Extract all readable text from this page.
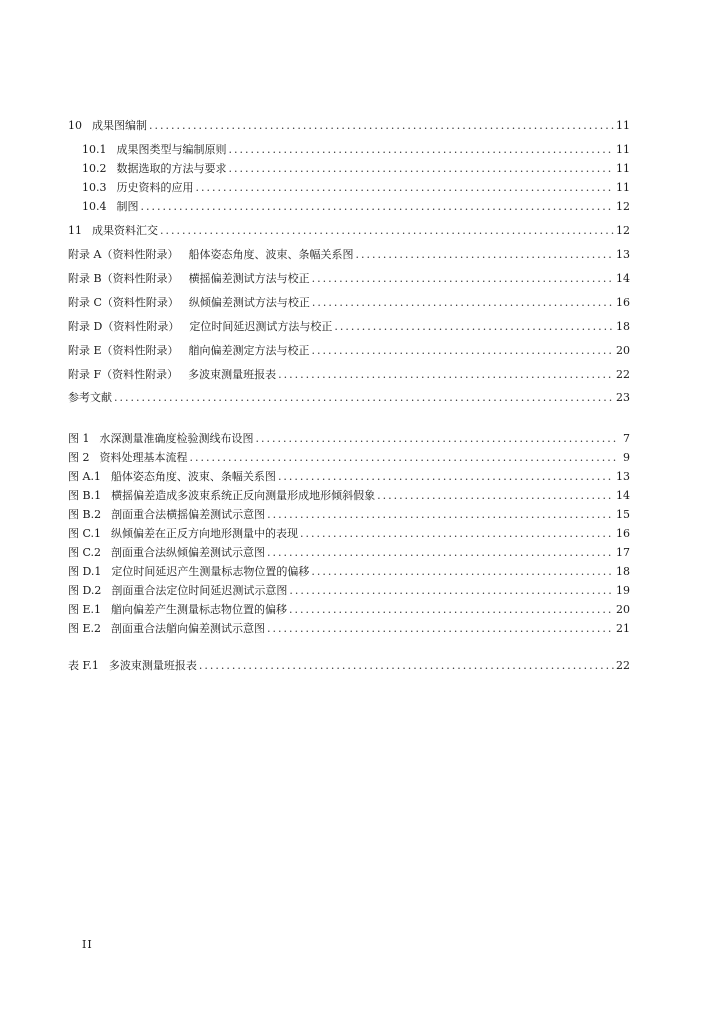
10 成果图编制 .....	11
10.1 成果图类型与编制原则 .....	11
10.2 数据选取的方法与要求 .....	11
10.3 历史资料的应用 .....	11
10.4 制图 .....	12
11 成果资料汇交 .....	12
附录 A（资料性附录） 船体姿态角度、波束、条幅关系图 .....	13
附录 B（资料性附录） 横摇偏差测试方法与校正 .....	14
附录 C（资料性附录） 纵倾偏差测试方法与校正 .....	16
附录 D（资料性附录） 定位时间延迟测试方法与校正 .....	18
附录 E（资料性附录） 艏向偏差测定方法与校正 .....	20
附录 F（资料性附录） 多波束测量班报表 .....	22
参考文献 .....	23
图 1 水深测量准确度检验测线布设图 .....	7
图 2 资料处理基本流程 .....	9
图 A.1 船体姿态角度、波束、条幅关系图 .....	13
图 B.1 横摇偏差造成多波束系统正反向测量形成地形倾斜假象 .....	14
图 B.2 剖面重合法横摇偏差测试示意图 .....	15
图 C.1 纵倾偏差在正反方向地形测量中的表现 .....	16
图 C.2 剖面重合法纵倾偏差测试示意图 .....	17
图 D.1 定位时间延迟产生测量标志物位置的偏移 .....	18
图 D.2 剖面重合法定位时间延迟测试示意图 .....	19
图 E.1 艏向偏差产生测量标志物位置的偏移 .....	20
图 E.2 剖面重合法艏向偏差测试示意图 .....	21
表 F.1 多波束测量班报表 .....	22
II
